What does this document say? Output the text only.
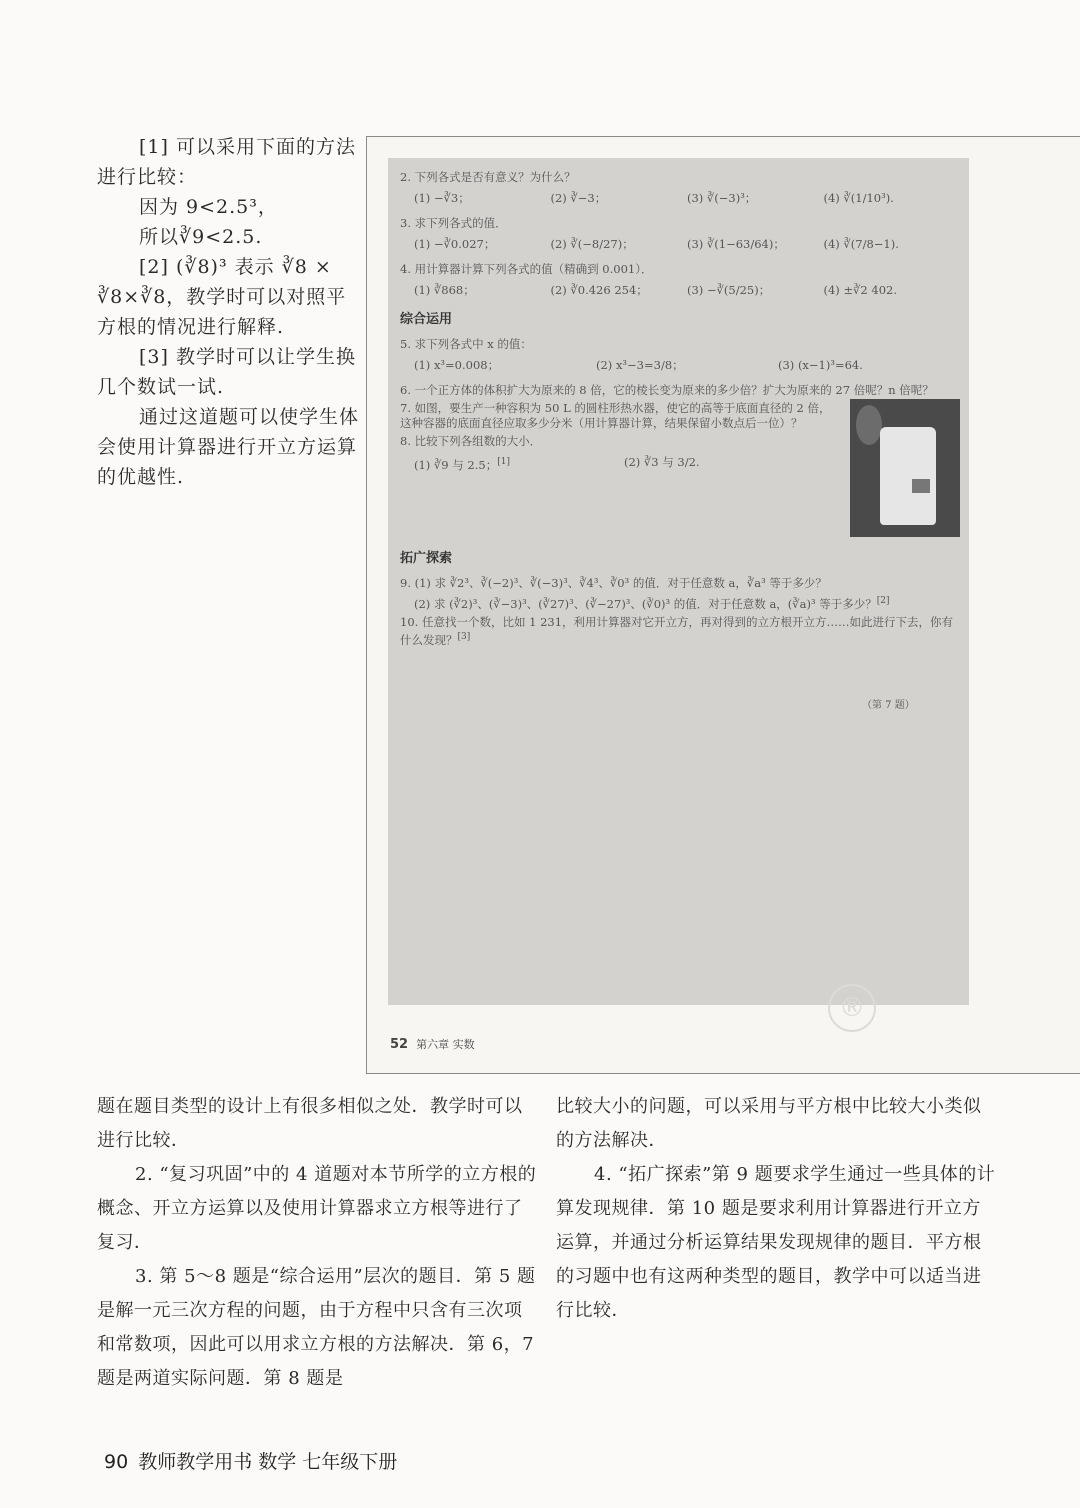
[1] 可以采用下面的方法进行比较：

因为 9<2.5³，

所以∛9<2.5.

[2] (∛8)³ 表示 ∛8 × ∛8×∛8，教学时可以对照平方根的情况进行解释.

[3] 教学时可以让学生换几个数试一试.

通过这道题可以使学生体会使用计算器进行开立方运算的优越性.

®

2. 下列各式是否有意义？为什么？

(1) −∛3；	(2) ∛−3；	(3) ∛(−3)³；	(4) ∛(1/10³).

3. 求下列各式的值．

(1) −∛0.027；	(2) ∛(−8/27)；	(3) ∛(1−63/64)；	(4) ∛(7/8−1).

4. 用计算器计算下列各式的值（精确到 0.001）．

(1) ∛868；	(2) ∛0.426 254；	(3) −∛(5/25)；	(4) ±∛2 402.
综合运用

5. 求下列各式中 x 的值：

(1) x³=0.008；	(2) x³−3=3/8；	(3) (x−1)³=64.

6. 一个正方体的体积扩大为原来的 8 倍，它的棱长变为原来的多少倍？扩大为原来的 27 倍呢？n 倍呢？

7. 如图，要生产一种容积为 50 L 的圆柱形热水器，使它的高等于底面直径的 2 倍，这种容器的底面直径应取多少分米（用计算器计算，结果保留小数点后一位）？

8. 比较下列各组数的大小．

(1) ∛9 与 2.5；[1]	(2) ∛3 与 3/2.
拓广探索

9. (1) 求 ∛2³、∛(−2)³、∛(−3)³、∛4³、∛0³ 的值．对于任意数 a，∛a³ 等于多少？

(2) 求 (∛2)³、(∛−3)³、(∛27)³、(∛−27)³、(∛0)³ 的值．对于任意数 a，(∛a)³ 等于多少？[2]

10. 任意找一个数，比如 1 231，利用计算器对它开立方，再对得到的立方根开立方……如此进行下去，你有什么发现？[3]

（第 7 题）
52 第六章 实数

题在题目类型的设计上有很多相似之处．教学时可以进行比较．

2. “复习巩固”中的 4 道题对本节所学的立方根的概念、开立方运算以及使用计算器求立方根等进行了复习．

3. 第 5～8 题是“综合运用”层次的题目．第 5 题是解一元三次方程的问题，由于方程中只含有三次项和常数项，因此可以用求立方根的方法解决．第 6，7 题是两道实际问题．第 8 题是

比较大小的问题，可以采用与平方根中比较大小类似的方法解决．

4. “拓广探索”第 9 题要求学生通过一些具体的计算发现规律．第 10 题是要求利用计算器进行开立方运算，并通过分析运算结果发现规律的题目．平方根的习题中也有这两种类型的题目，教学中可以适当进行比较．

90 教师教学用书 数学 七年级下册
